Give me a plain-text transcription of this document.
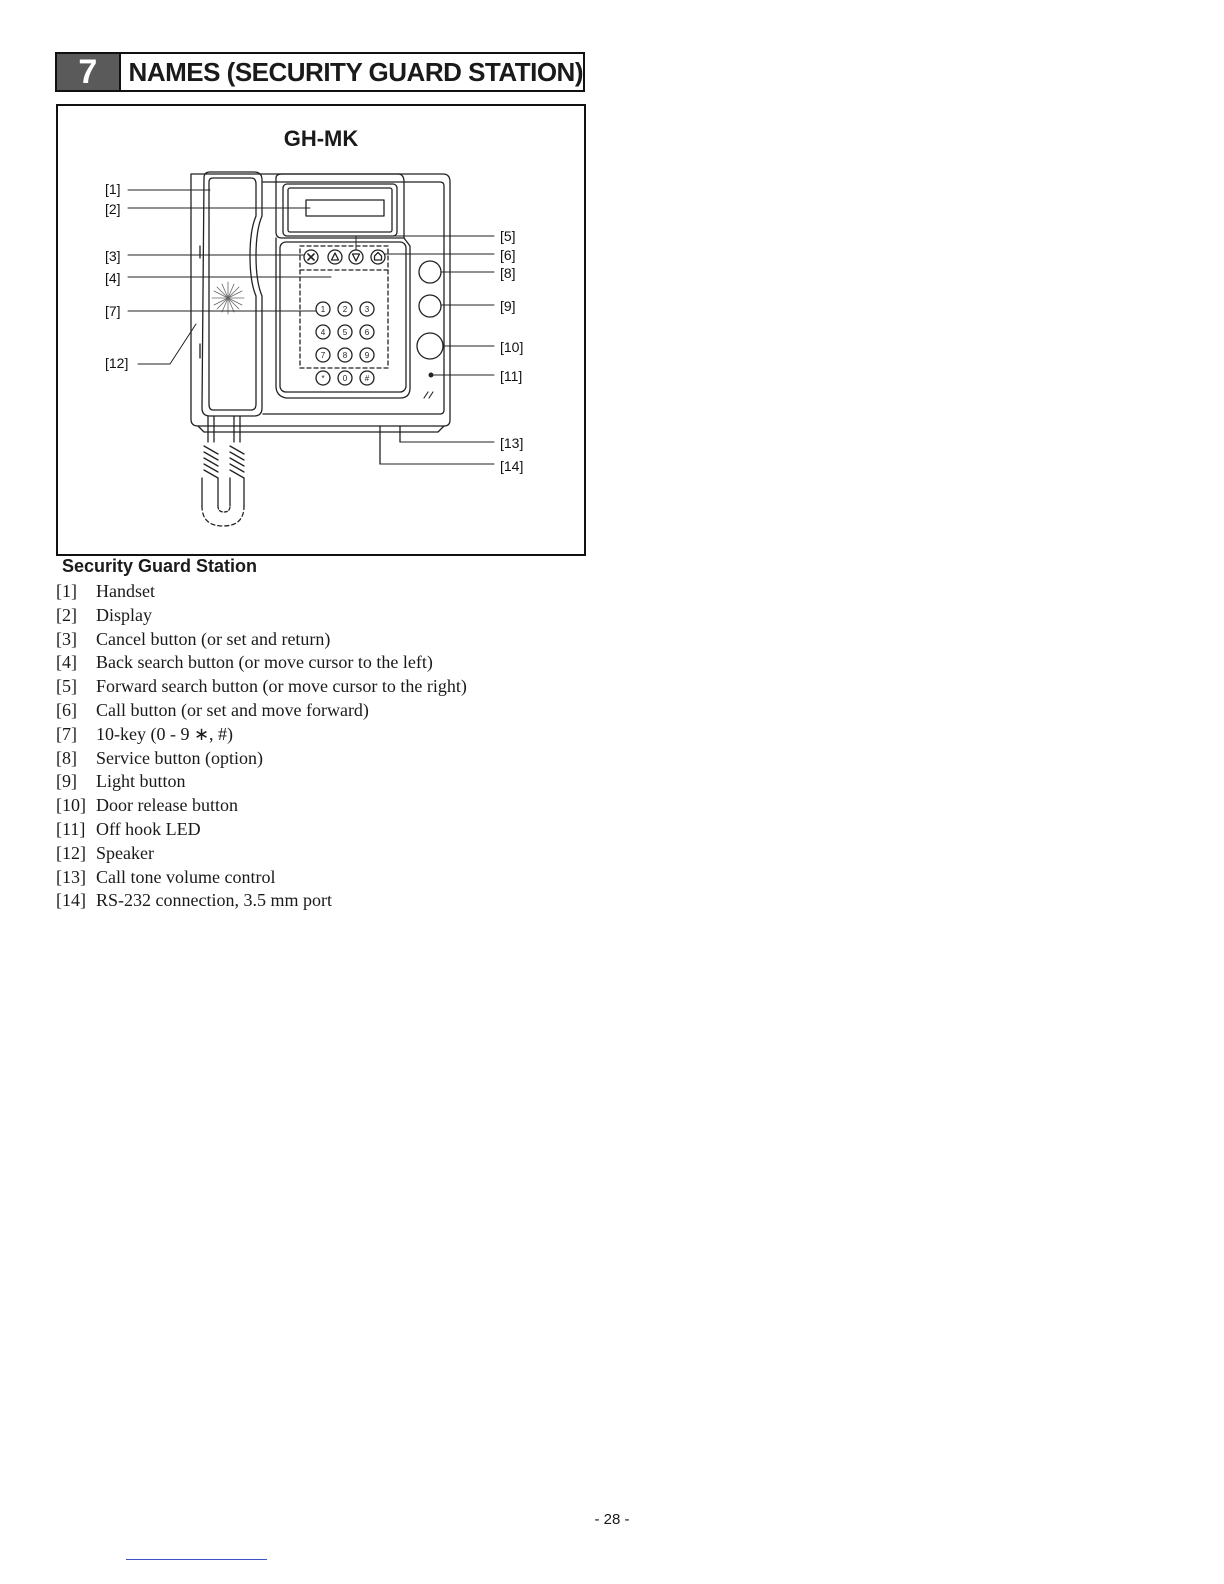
7	NAMES (SECURITY GUARD STATION)
GH-MK
1 2 3
4 5 6
7 8 9
* 0 #
[1]
[2]
[3]
[4]
[5]
[6]
[7]
[8]
[9]
[10]
[11]
[12]
[13]
[14]
Security Guard Station
[1]	Handset
[2]	Display
[3]	Cancel button (or set and return)
[4]	Back search button (or move cursor to the left)
[5]	Forward search button (or move cursor to the right)
[6]	Call button (or set and move forward)
[7]	10-key (0 - 9 ∗, #)
[8]	Service button (option)
[9]	Light button
[10] Door release button
[11] Off hook LED
[12] Speaker
[13] Call tone volume control
[14] RS-232 connection, 3.5 mm port
- 28 -
